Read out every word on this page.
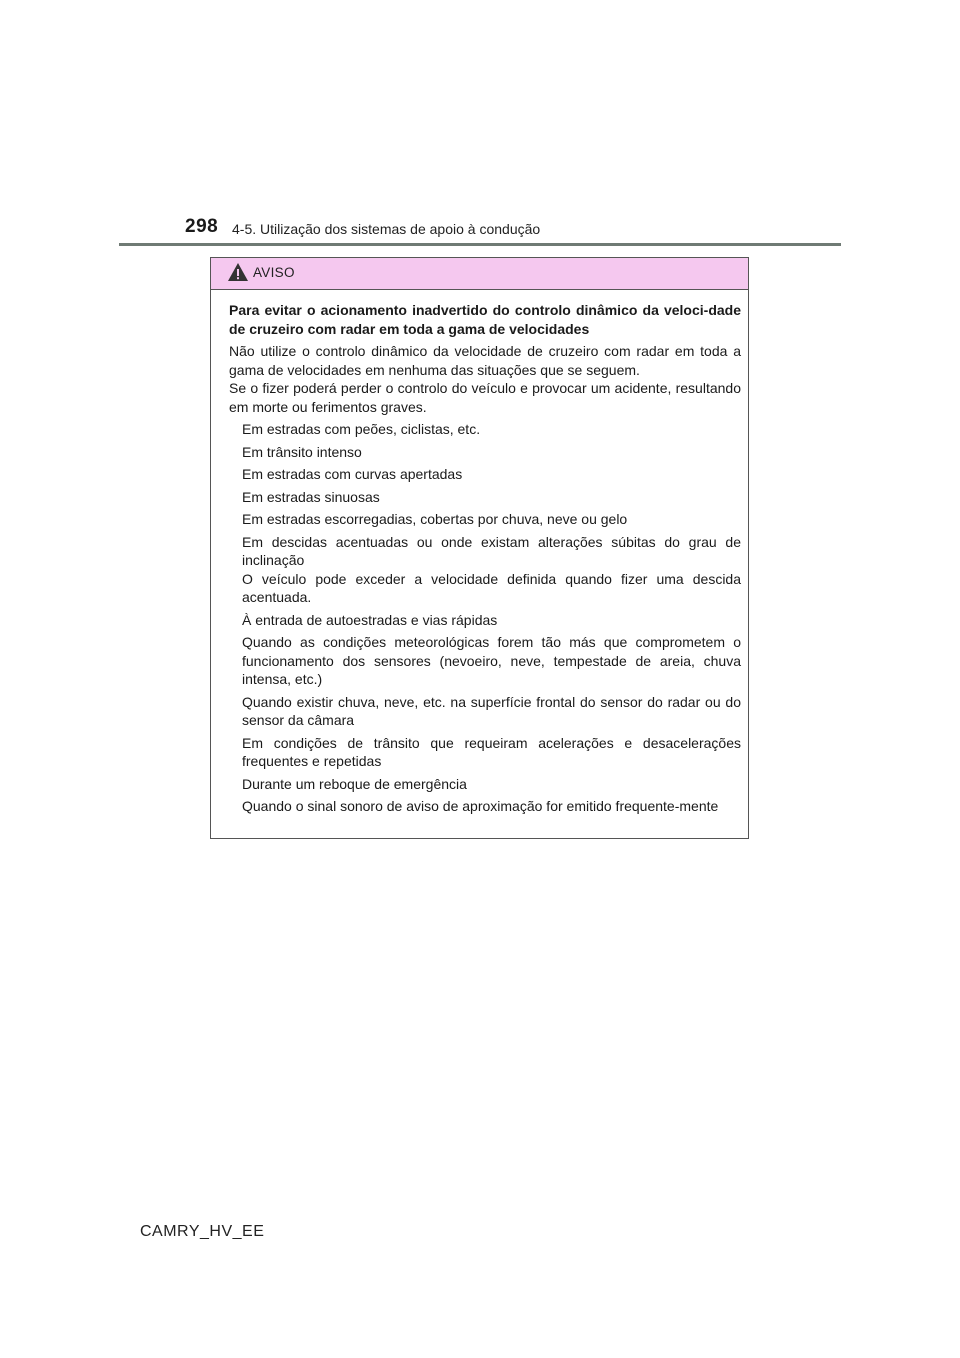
298 4-5. Utilização dos sistemas de apoio à condução
AVISO

Para evitar o acionamento inadvertido do controlo dinâmico da veloci-dade de cruzeiro com radar em toda a gama de velocidades

Não utilize o controlo dinâmico da velocidade de cruzeiro com radar em toda a gama de velocidades em nenhuma das situações que se seguem.
Se o fizer poderá perder o controlo do veículo e provocar um acidente, resultando em morte ou ferimentos graves.

Em estradas com peões, ciclistas, etc.
Em trânsito intenso
Em estradas com curvas apertadas
Em estradas sinuosas
Em estradas escorregadias, cobertas por chuva, neve ou gelo
Em descidas acentuadas ou onde existam alterações súbitas do grau de inclinação
O veículo pode exceder a velocidade definida quando fizer uma descida acentuada.
À entrada de autoestradas e vias rápidas
Quando as condições meteorológicas forem tão más que comprometem o funcionamento dos sensores (nevoeiro, neve, tempestade de areia, chuva intensa, etc.)
Quando existir chuva, neve, etc. na superfície frontal do sensor do radar ou do sensor da câmara
Em condições de trânsito que requeiram acelerações e desacelerações frequentes e repetidas
Durante um reboque de emergência
Quando o sinal sonoro de aviso de aproximação for emitido frequente-mente
CAMRY_HV_EE
